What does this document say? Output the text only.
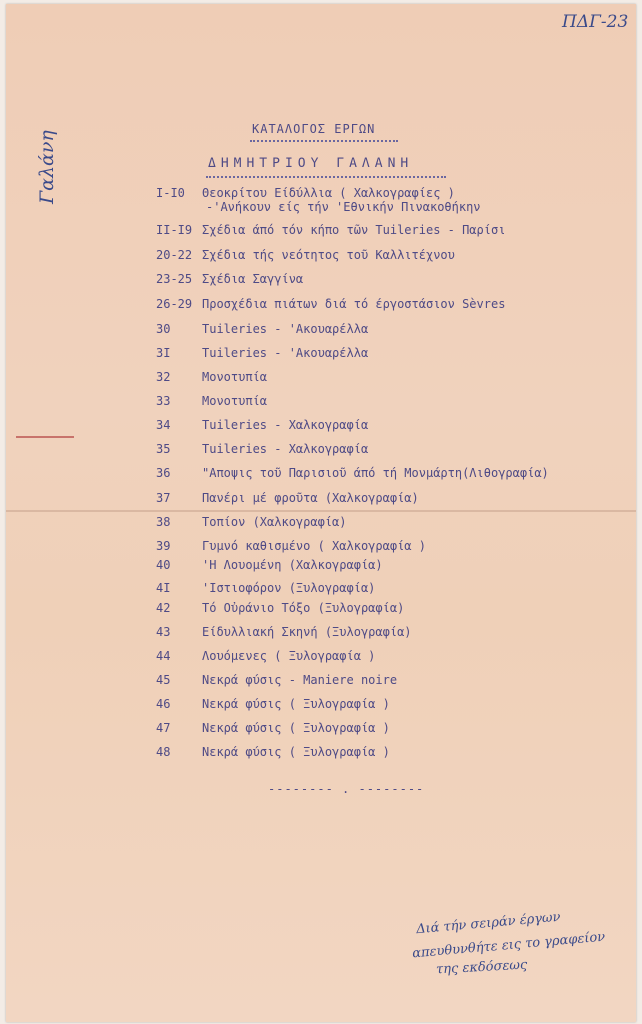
ΠΔΓ-23
Γαλάνη
ΚΑΤΑΛΟΓΟΣ ΕΡΓΩΝ
ΔΗΜΗΤΡΙΟΥ ΓΑΛΑΝΗ
I-I0	Θεοκρίτου Είδύλλια ( Χαλκογραφίες )
-'Ανήκουν είς τήν 'Εθνικήν Πινακοθήκην
II-I9 Σχέδια άπό τόν κήπο τῶν Tuileries - Παρίσι
20-22 Σχέδια τής νεότητος τοῦ Καλλιτέχνου
23-25 Σχέδια Σαγγίνα
26-29 Προσχέδια πιάτων διά τό έργοστάσιον Sèvres
30	Tuileries - 'Ακουαρέλλα
3I	Tuileries - 'Ακουαρέλλα
32	Μονοτυπία
33	Μονοτυπία
34	Tuileries - Χαλκογραφία
35	Tuileries - Χαλκογραφία
36	"Αποψις τοῦ Παρισιοῦ άπό τή Μονμάρτη(Λιθογραφία)
37	Πανέρι μέ φροῦτα (Χαλκογραφία)
38	Τοπίον (Χαλκογραφία)
39	Γυμνό καθισμένο ( Χαλκογραφία )
40	'Η Λουομένη (Χαλκογραφία)
4I	'Ιστιοφόρον (Ξυλογραφία)
42	Τό Οὐράνιο Τόξο (Ξυλογραφία)
43	Είδυλλιακή Σκηνή (Ξυλογραφία)
44	Λουόμενες ( Ξυλογραφία )
45	Νεκρά φύσις - Maniere noire
46	Νεκρά φύσις ( Ξυλογραφία )
47	Νεκρά φύσις ( Ξυλογραφία )
48	Νεκρά φύσις ( Ξυλογραφία )
-------- . --------
Διά τήν σειράν έργων
απευθυνθήτε εις το γραφείον
της εκδόσεως
